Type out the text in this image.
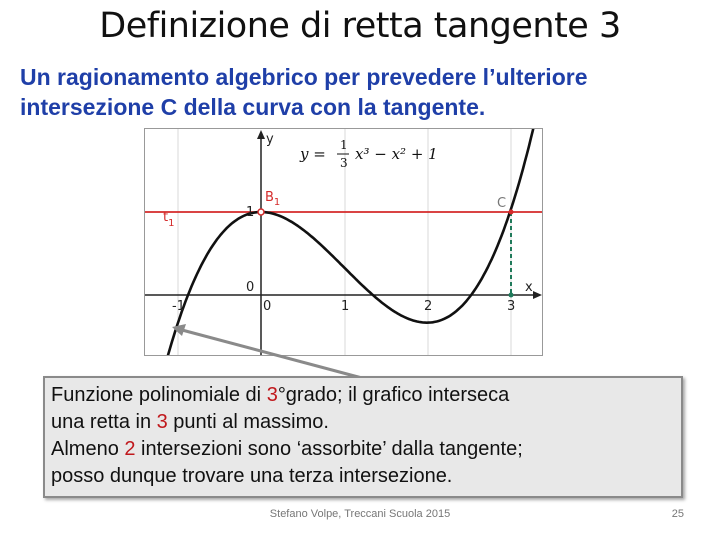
Definizione di retta tangente 3
Un ragionamento algebrico per prevedere l’ulteriore
intersezione C della curva con la tangente.
y = 1
3 x³ − x² + 1
y
x
$B_1$	C
$t_1$
1
0
-1	0	1	2	3
Funzione polinomiale di 3°grado; il grafico interseca
una retta in 3 punti al massimo.
Almeno 2 intersezioni sono ‘assorbite’ dalla tangente;
posso dunque trovare una terza intersezione.
Stefano Volpe, Treccani Scuola 2015	25
